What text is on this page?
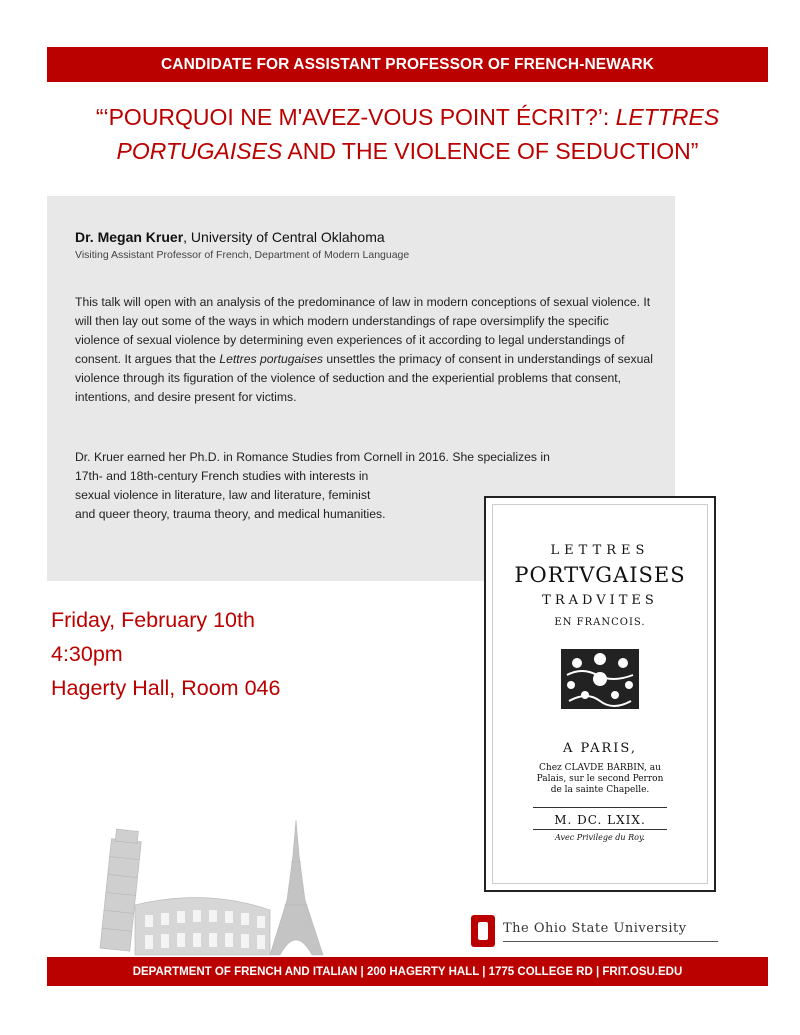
CANDIDATE FOR ASSISTANT PROFESSOR OF FRENCH-NEWARK
“‘POURQUOI NE M'AVEZ-VOUS POINT ÉCRIT?’: LETTRES
PORTUGAISES AND THE VIOLENCE OF SEDUCTION”
Dr. Megan Kruer, University of Central Oklahoma
Visiting Assistant Professor of French, Department of Modern Language

This talk will open with an analysis of the predominance of law in modern conceptions of sexual violence. It will then lay out some of the ways in which modern understandings of rape oversimplify the specific violence of sexual violence by determining even experiences of it according to legal understandings of consent. It argues that the Lettres portugaises unsettles the primacy of consent in understandings of sexual violence through its figuration of the violence of seduction and the experiential problems that consent, intentions, and desire present for victims.

Dr. Kruer earned her Ph.D. in Romance Studies from Cornell in 2016. She specializes in
17th- and 18th-century French studies with interests in
sexual violence in literature, law and literature, feminist
and queer theory, trauma theory, and medical humanities.

Friday, February 10th
4:30pm
Hagerty Hall, Room 046
LETTRES
PORTVGAISES
TRADVITES
EN FRANCOIS.
A PARIS,
Chez CLAVDE BARBIN, au
Palais, sur le second Perron
de la sainte Chapelle.
M. DC. LXIX.
Avec Privilege du Roy.
The Ohio State University
DEPARTMENT OF FRENCH AND ITALIAN | 200 HAGERTY HALL | 1775 COLLEGE RD | FRIT.OSU.EDU
